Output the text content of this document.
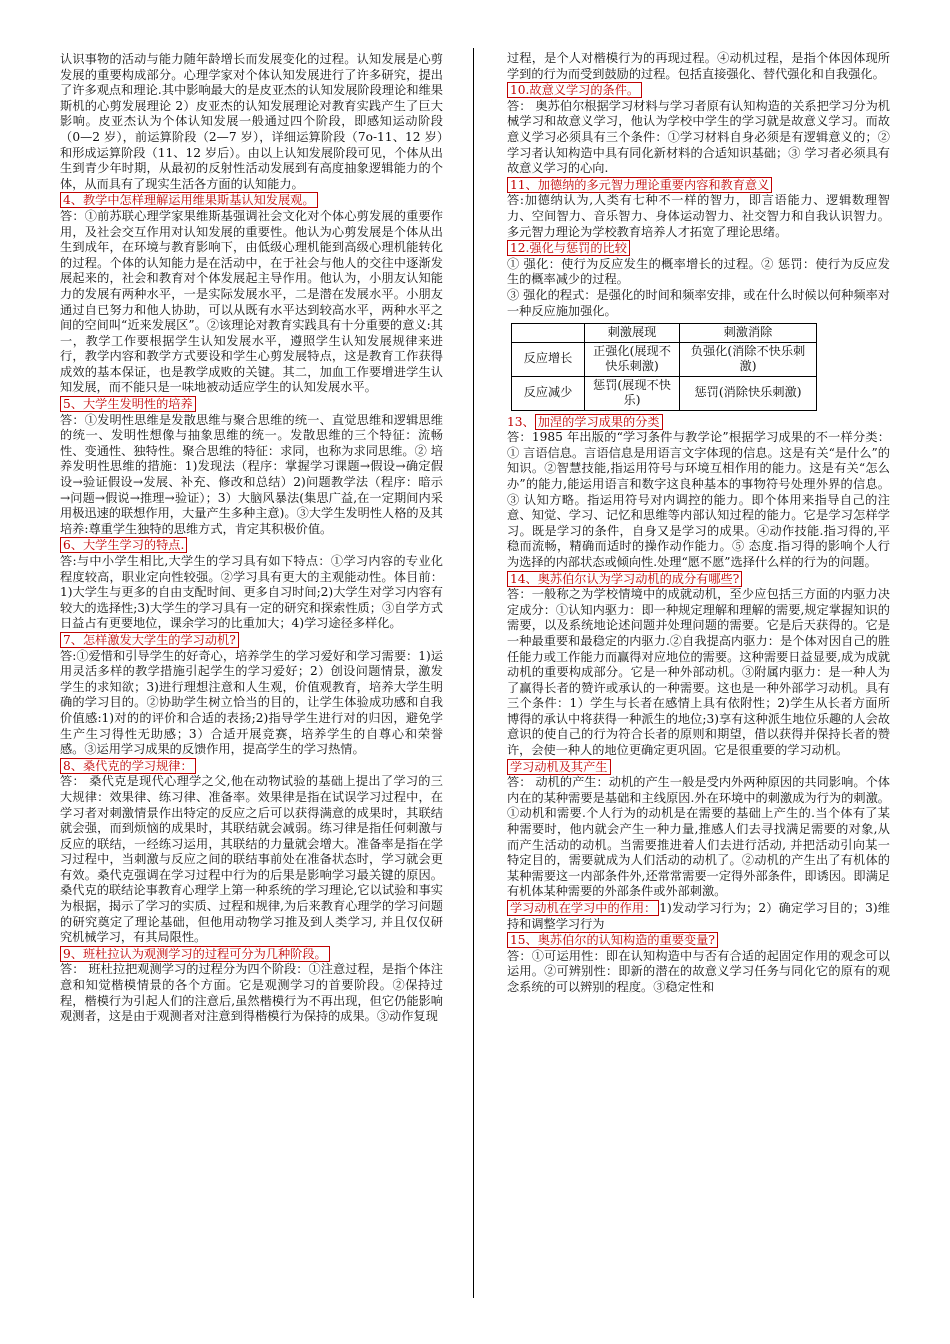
认识事物的活动与能力随年龄增长而发展变化的过程。认知发展是心剪发展的重要构成部分。心理学家对个体认知发展进行了许多研究，提出了许多观点和理论.其中影响最大的是皮亚杰的认知发展阶段理论和维果斯机的心剪发展理论 2）皮亚杰的认知发展理论对教育实践产生了巨大影响。皮亚杰认为个体认知发展一般通过四个阶段，即感知运动阶段（0—2 岁），前运算阶段（2—7 岁），详细运算阶段（7o-11、12 岁）和形成运算阶段（11、12 岁后）。由以上认知发展阶段可见，个体从出生到青少年时期，从最初的反射性活动发展到有高度抽象逻辑能力的个体，从而具有了现实生活各方面的认知能力。

4、教学中怎样理解运用维果斯基认知发展观。

答：①前苏联心理学家果维斯基强调社会文化对个体心剪发展的重要作用，及社会交互作用对认知发展的重要性。他认为心剪发展是个体从出生到成年，在环境与教育影响下，由低级心理机能到高级心理机能转化的过程。个体的认知能力是在活动中，在于社会与他人的交往中逐渐发展起来的，社会和教育对个体发展起主导作用。他认为，小朋友认知能力的发展有两种水平，一是实际发展水平，二是潜在发展水平。小朋友通过自已努力和他人协助，可以从既有水平达到较高水平，两种水平之间的空间叫“近来发展区”。②该理论对教育实践具有十分重要的意义:其一，教学工作要根据学生认知发展水平，遵照学生认知发展规律来进行，教学内容和教学方式要设和学生心剪发展特点，这是教育工作获得成效的基本保证，也是教学成败的关键。其二，加血工作要增进学生认知发展，而不能只是一味地被动适应学生的认知发展水平。

5、大学生发明性的培养

答：①发明性思维是发散思维与聚合思维的统一、直觉思维和逻辑思维的统一、发明性想像与抽象思维的统一。发散思维的三个特征：流畅性、变通性、独特性。聚合思维的特征：求同，也称为求同思维。② 培养发明性思维的措施：1)发现法（程序：掌握学习课题→假设→确定假设→验证假设→发展、补充、修改和总结）2)问题教学法（程序：暗示→问题→假说→推理→验证）；3）大脑风暴法(集思广益,在一定期间内采用极迅速的联想作用，大量产生多种主意)。③大学生发明性人格的及其培养:尊重学生独特的思维方式，肯定其积极价值。

6、大学生学习的特点.

答:与中小学生相比,大学生的学习具有如下特点：①学习内容的专业化程度较高，职业定向性较强。②学习具有更大的主观能动性。体目前：1)大学生与更多的自由支配时间、更多自习时间;2)大学生对学习内容有较大的选择性;3)大学生的学习具有一定的研究和探索性质；③自学方式日益占有更要地位，课余学习的比重加大；4)学习途径多样化。

7、怎样激发大学生的学习动机?

答:①爱惜和引导学生的好奇心，培养学生的学习爱好和学习需要：1)运用灵活多样的教学措施引起学生的学习爱好；2）创设问题情景，激发学生的求知欲；3)进行理想注意和人生观，价值观教育，培养大学生明确的学习目的。②协助学生树立恰当的目的，让学生体验成功感和自我价值感:1)对的的评价和合适的表扬;2)指导学生进行对的归因，避免学生产生习得性无助感；3）合适开展竞赛，培养学生的自尊心和荣誉感。③运用学习成果的反馈作用，提高学生的学习热情。

8、桑代克的学习规律：

答： 桑代克是现代心理学之父,他在动物试验的基础上提出了学习的三大规律：效果律、练习律、准备率。效果律是指在试误学习过程中，在学习者对刺激情景作出特定的反应之后可以获得满意的成果时，其联结就会强，而到烦恼的成果时，其联结就会减弱。练习律是指任何刺激与反应的联结，一经练习运用，其联结的力量就会增大。准备率是指在学习过程中，当刺激与反应之间的联结事前处在准备状态时，学习就会更有效。桑代克强调在学习过程中行为的后果是影响学习最关键的原因。桑代克的联结论事教育心理学上第一种系统的学习理论,它以试验和事实为根据，揭示了学习的实质、过程和规律,为后来教育心理学的学习问题的研究奠定了理论基础，但他用动物学习推及到人类学习, 并且仅仅研究机械学习，有其局限性。

9、班杜拉认为观测学习的过程可分为几种阶段。

答： 班杜拉把观测学习的过程分为四个阶段：①注意过程，是指个体注意和知觉楷模情景的各个方面。它是观测学习的首要阶段。②保持过程，楷模行为引起人们的注意后,虽然楷模行为不再出现，但它仍能影响观测者，这是由于观测者对注意到得楷模行为保持的成果。③动作复现

过程，是个人对楷模行为的再现过程。④动机过程，是指个体因体现所学到的行为而受到鼓励的过程。包括直接强化、替代强化和自我强化。

10.故意义学习的条件。

答： 奥苏伯尔根据学习材料与学习者原有认知构造的关系把学习分为机械学习和故意义学习，他认为学校中学生的学习就是故意义学习。而故意义学习必须具有三个条件：①学习材料自身必须是有逻辑意义的；②学习者认知构造中具有同化新材料的合适知识基础；③ 学习者必须具有故意义学习的心向.

11、加德纳的多元智力理论重要内容和教育意义

答:加德纳认为,人类有七种不一样的智力，即言语能力、逻辑数理智力、空间智力、音乐智力、身体运动智力、社交智力和自我认识智力。多元智力理论为学校教育培养人才拓宽了理论思绪。

12.强化与惩罚的比较

① 强化：使行为反应发生的概率增长的过程。② 惩罚：使行为反应发生的概率减少的过程。

③ 强化的程式：是强化的时间和频率安排，或在什么时候以何种频率对一种反应施加强化。

	刺激展现	刺激消除
反应增长	正强化(展现不快乐刺激)	负强化(消除不快乐刺激)
反应减少	惩罚(展现不快乐)	惩罚(消除快乐刺激)
13、 加涅的学习成果的分类

答：1985 年出版的“学习条件与教学论”根据学习成果的不一样分类：① 言语信息。言语信息是用语言文字体现的信息。这是有关“是什么”的知识。②智慧技能,指运用符号与环境互相作用的能力。这是有关“怎么办”的能力,能运用语言和数字这良种基本的事物符号处理外界的信息。③ 认知方略。指运用符号对内调控的能力。即个体用来指导自己的注意、知觉、学习、记忆和思维等内部认知过程的能力。它是学习怎样学习。既是学习的条件，自身又是学习的成果。④动作技能.指习得的,平稳而流畅，精确而适时的操作动作能力。⑤ 态度.指习得的影响个人行为选择的内部状态或倾向性.处理“愿不愿”选择什么样的行为的问题。

14、奥苏伯尔认为学习动机的成分有哪些?

答：一般称之为学校情境中的成就动机，至少应包括三方面的内驱力决定成分：①认知内驱力：即一种规定理解和理解的需要,规定掌握知识的需要，以及系统地论述问题并处理问题的需要。它是后天获得的。它是一种最重要和最稳定的内驱力.②自我提高内驱力：是个体对因自己的胜任能力或工作能力而赢得对应地位的需要。这种需要日益显要,成为成就动机的重要构成部分。它是一种外部动机。③附属内驱力：是一种人为了赢得长者的赞许或承认的一种需要。这也是一种外部学习动机。具有三个条件：1）学生与长者在感情上具有依附性；2)学生从长者方面所博得的承认中将获得一种派生的地位;3)享有这种派生地位乐趣的人会故意识的使自己的行为符合长者的原则和期望，借以获得并保持长者的赞许，会使一种人的地位更确定更巩固。它是很重要的学习动机。

学习动机及其产生

答： 动机的产生：动机的产生一般是受内外两种原因的共同影响。个体内在的某种需要是基础和主线原因.外在环境中的刺激成为行为的刺激。①动机和需要.个人行为的动机是在需要的基础上产生的.当个体有了某种需要时，他内就会产生一种力量,推感人们去寻找满足需要的对象,从而产生活动的动机。当需要推进着人们去进行活动, 并把活动引向某一特定目的，需要就成为人们活动的动机了。②动机的产生出了有机体的某种需要这一内部条件外,还常常需要一定得外部条件，即诱因。即满足有机体某种需要的外部条件或外部刺激。

学习动机在学习中的作用： 1)发动学习行为；2）确定学习目的；3)维持和调整学习行为

15、奥苏伯尔的认知构造的重要变量?

答：①可运用性：即在认知构造中与否有合适的起固定作用的观念可以运用。②可辨别性：即新的潜在的故意义学习任务与同化它的原有的观念系统的可以辨别的程度。③稳定性和
